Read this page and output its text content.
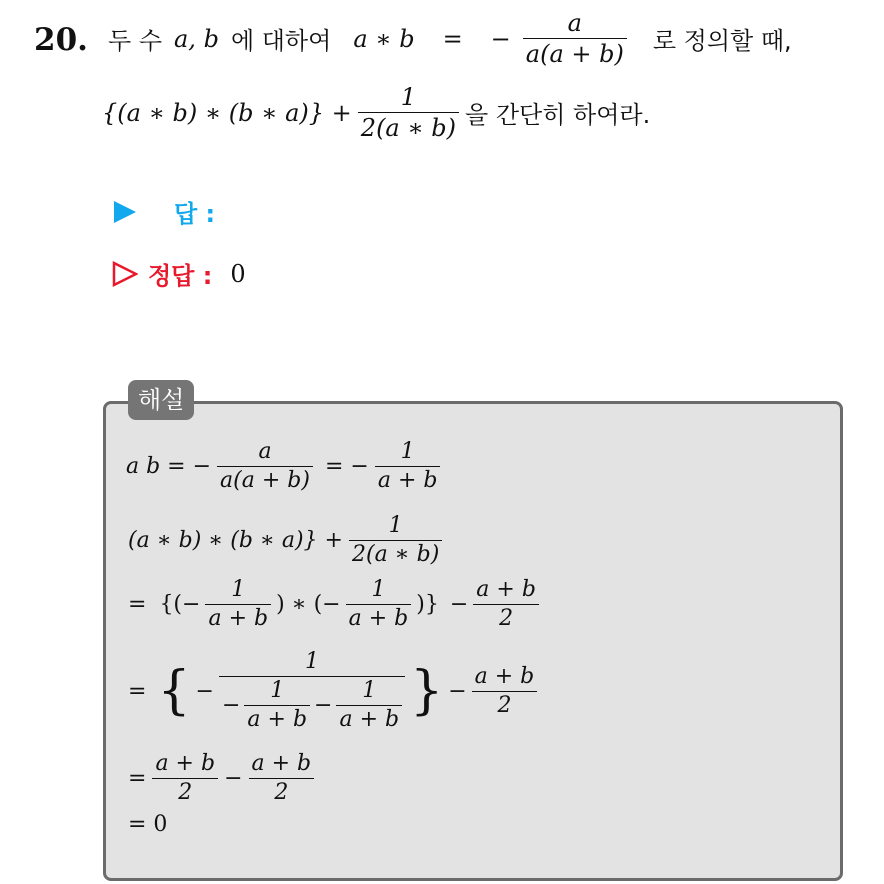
20. 두 수 a, b 에 대하여 a ∗ b = − $\frac{a}{a(a + b)}$ 로 정의할 때,
{(a ∗ b) ∗ (b ∗ $a)\} + \frac{1}{2(a ∗ b)}$ 을 간단히 하여라.
답 :
정답 : 0
해설
a b = − $\frac{a}{a(a + b)}$ = − $\frac{1}{a + b}$
(a ∗ b) ∗ (b ∗ $a)\} + \frac{1}{2(a ∗ b)}$
= {(− $\frac{1}{a + b}$ ) ∗ (− $\frac{1}{a + b}$ )} − $\frac{a + b}{2}$
= { −
1
− $\frac{1}{a + b} - \frac{1}{a + b}$ } − $\frac{a + b}{2}$
= $\frac{a + b}{2} - \frac{a + b}{2}$
= 0
